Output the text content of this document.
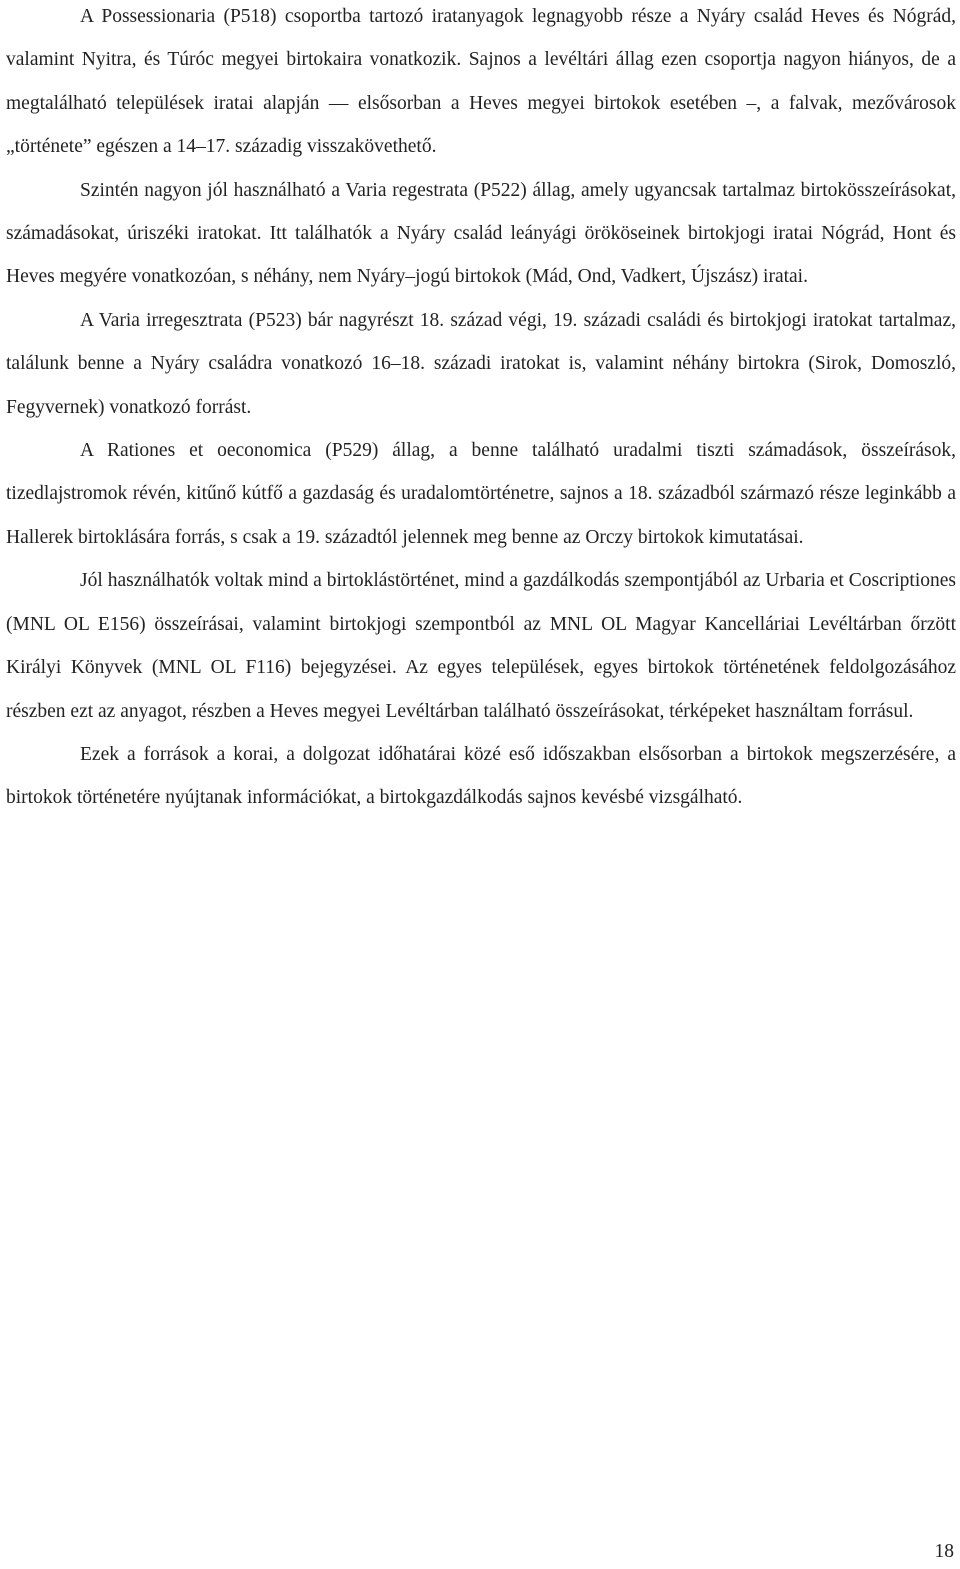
A Possessionaria (P518) csoportba tartozó iratanyagok legnagyobb része a Nyáry család Heves és Nógrád, valamint Nyitra, és Túróc megyei birtokaira vonatkozik. Sajnos a levéltári állag ezen csoportja nagyon hiányos, de a megtalálható települések iratai alapján — elsősorban a Heves megyei birtokok esetében –, a falvak, mezővárosok „története” egészen a 14–17. századig visszakövethető.

Szintén nagyon jól használható a Varia regestrata (P522) állag, amely ugyancsak tartalmaz birtokösszeírásokat, számadásokat, úriszéki iratokat. Itt találhatók a Nyáry család leányági örököseinek birtokjogi iratai Nógrád, Hont és Heves megyére vonatkozóan, s néhány, nem Nyáry–jogú birtokok (Mád, Ond, Vadkert, Újszász) iratai.

A Varia irregesztrata (P523) bár nagyrészt 18. század végi, 19. századi családi és birtokjogi iratokat tartalmaz, találunk benne a Nyáry családra vonatkozó 16–18. századi iratokat is, valamint néhány birtokra (Sirok, Domoszló, Fegyvernek) vonatkozó forrást.

A Rationes et oeconomica (P529) állag, a benne található uradalmi tiszti számadások, összeírások, tizedlajstromok révén, kitűnő kútfő a gazdaság és uradalomtörténetre, sajnos a 18. századból származó része leginkább a Hallerek birtoklására forrás, s csak a 19. századtól jelennek meg benne az Orczy birtokok kimutatásai.

Jól használhatók voltak mind a birtoklástörténet, mind a gazdálkodás szempontjából az Urbaria et Coscriptiones (MNL OL E156) összeírásai, valamint birtokjogi szempontból az MNL OL Magyar Kancelláriai Levéltárban őrzött Királyi Könyvek (MNL OL F116) bejegyzései. Az egyes települések, egyes birtokok történetének feldolgozásához részben ezt az anyagot, részben a Heves megyei Levéltárban található összeírásokat, térképeket használtam forrásul.

Ezek a források a korai, a dolgozat időhatárai közé eső időszakban elsősorban a birtokok megszerzésére, a birtokok történetére nyújtanak információkat, a birtokgazdálkodás sajnos kevésbé vizsgálható.

18
